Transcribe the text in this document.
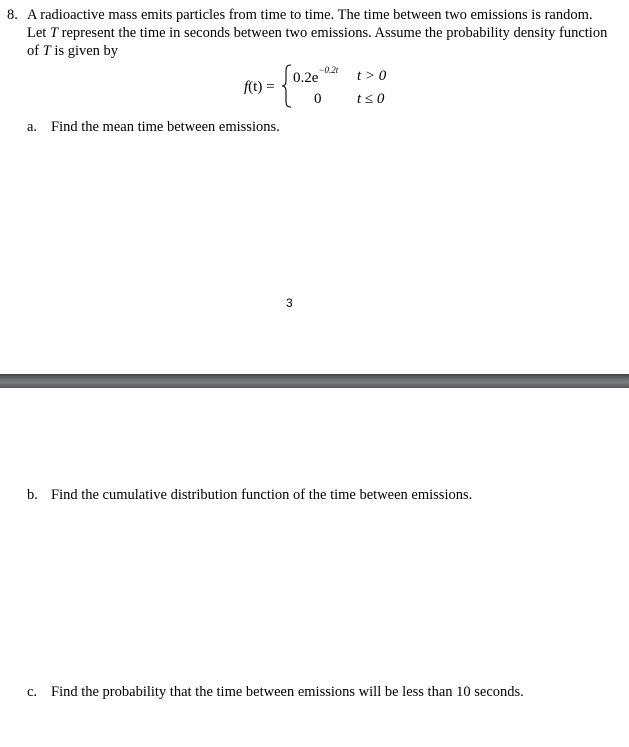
8. A radioactive mass emits particles from time to time. The time between two emissions is random.
Let T represent the time in seconds between two emissions. Assume the probability density function
of T is given by
f(t) =
$0.2e^{-0.2t}$ t > 0
0 t ≤ 0
a. Find the mean time between emissions.
3
b. Find the cumulative distribution function of the time between emissions.
c. Find the probability that the time between emissions will be less than 10 seconds.
